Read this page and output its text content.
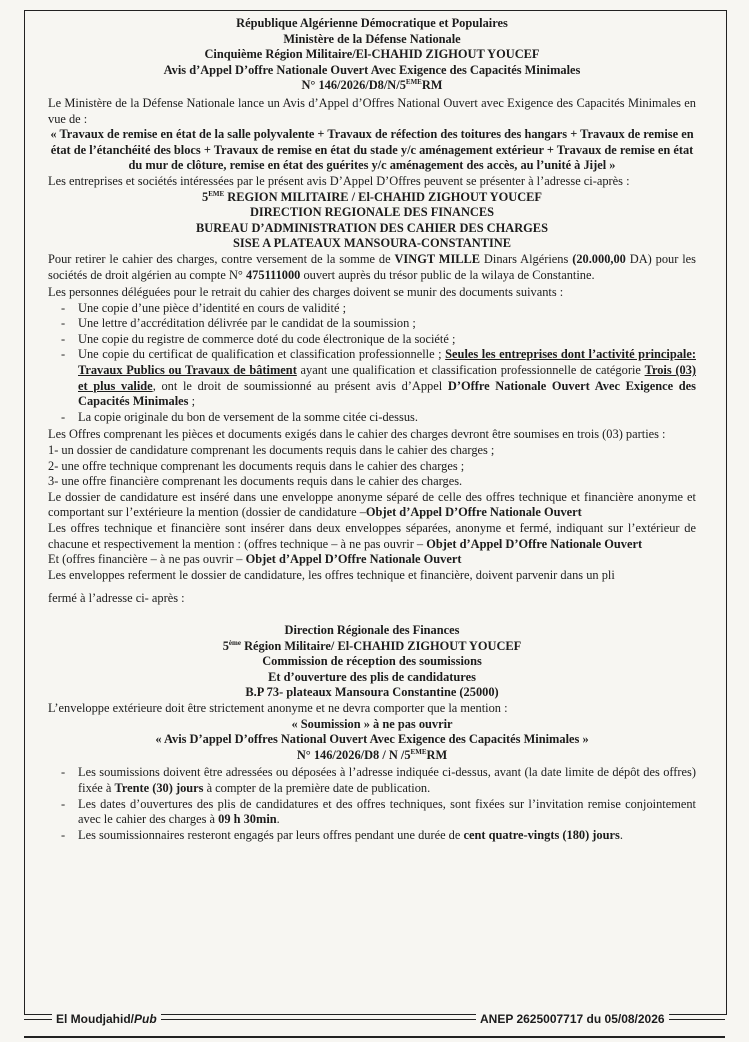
République Algérienne Démocratique et Populaires

Ministère de la Défense Nationale

Cinquième Région Militaire/El-CHAHID ZIGHOUT YOUCEF

Avis d’Appel D’offre Nationale Ouvert Avec Exigence des Capacités Minimales

N° 146/2026/D8/N/5EMERM

Le Ministère de la Défense Nationale lance un Avis d’Appel d’Offres National Ouvert avec Exigence des Capacités Minimales en vue de :

« Travaux de remise en état de la salle polyvalente + Travaux de réfection des toitures des hangars + Travaux de remise en état de l’étanchéité des blocs + Travaux de remise en état du stade y/c aménagement extérieur + Travaux de remise en état du mur de clôture, remise en état des guérites y/c aménagement des accès, au l’unité à Jijel »

Les entreprises et sociétés intéressées par le présent avis D’Appel D’Offres peuvent se présenter à l’adresse ci-après :

5EME REGION MILITAIRE / El-CHAHID ZIGHOUT YOUCEF

DIRECTION REGIONALE DES FINANCES

BUREAU D’ADMINISTRATION DES CAHIER DES CHARGES

SISE A PLATEAUX MANSOURA-CONSTANTINE

Pour retirer le cahier des charges, contre versement de la somme de VINGT MILLE Dinars Algériens (20.000,00 DA) pour les sociétés de droit algérien au compte N° 475111000 ouvert auprès du trésor public de la wilaya de Constantine.

Les personnes déléguées pour le retrait du cahier des charges doivent se munir des documents suivants :

- Une copie d’une pièce d’identité en cours de validité ;
- Une lettre d’accréditation délivrée par le candidat de la soumission ;
- Une copie du registre de commerce doté du code électronique de la société ;
- Une copie du certificat de qualification et classification professionnelle ; Seules les entreprises dont l’activité principale: Travaux Publics ou Travaux de bâtiment ayant une qualification et classification professionnelle de catégorie Trois (03) et plus valide, ont le droit de soumissionné au présent avis d’Appel D’Offre Nationale Ouvert Avec Exigence des Capacités Minimales ;
- La copie originale du bon de versement de la somme citée ci-dessus.

Les Offres comprenant les pièces et documents exigés dans le cahier des charges devront être soumises en trois (03) parties :

1- un dossier de candidature comprenant les documents requis dans le cahier des charges ;

2- une offre technique comprenant les documents requis dans le cahier des charges ;

3- une offre financière comprenant les documents requis dans le cahier des charges.

Le dossier de candidature est inséré dans une enveloppe anonyme séparé de celle des offres technique et financière anonyme et comportant sur l’extérieure la mention (dossier de candidature –Objet d’Appel D’Offre Nationale Ouvert

Les offres technique et financière sont insérer dans deux enveloppes séparées, anonyme et fermé, indiquant sur l’extérieur de chacune et respectivement la mention : (offres technique – à ne pas ouvrir – Objet d’Appel D’Offre Nationale Ouvert

Et (offres financière – à ne pas ouvrir – Objet d’Appel D’Offre Nationale Ouvert

Les enveloppes referment le dossier de candidature, les offres technique et financière, doivent parvenir dans un pli

fermé à l’adresse ci- après :

Direction Régionale des Finances

5ème Région Militaire/ El-CHAHID ZIGHOUT YOUCEF

Commission de réception des soumissions

Et d’ouverture des plis de candidatures

B.P 73- plateaux Mansoura Constantine (25000)

L’enveloppe extérieure doit être strictement anonyme et ne devra comporter que la mention :

« Soumission » à ne pas ouvrir

« Avis D’appel D’offres National Ouvert Avec Exigence des Capacités Minimales »

N° 146/2026/D8 / N /5EMERM

- Les soumissions doivent être adressées ou déposées à l’adresse indiquée ci-dessus, avant (la date limite de dépôt des offres) fixée à Trente (30) jours à compter de la première date de publication.
- Les dates d’ouvertures des plis de candidatures et des offres techniques, sont fixées sur l’invitation remise conjointement avec le cahier des charges à 09 h 30min.
- Les soumissionnaires resteront engagés par leurs offres pendant une durée de cent quatre-vingts (180) jours.
El Moudjahid/Pub	ANEP 2625007717 du 05/08/2026
